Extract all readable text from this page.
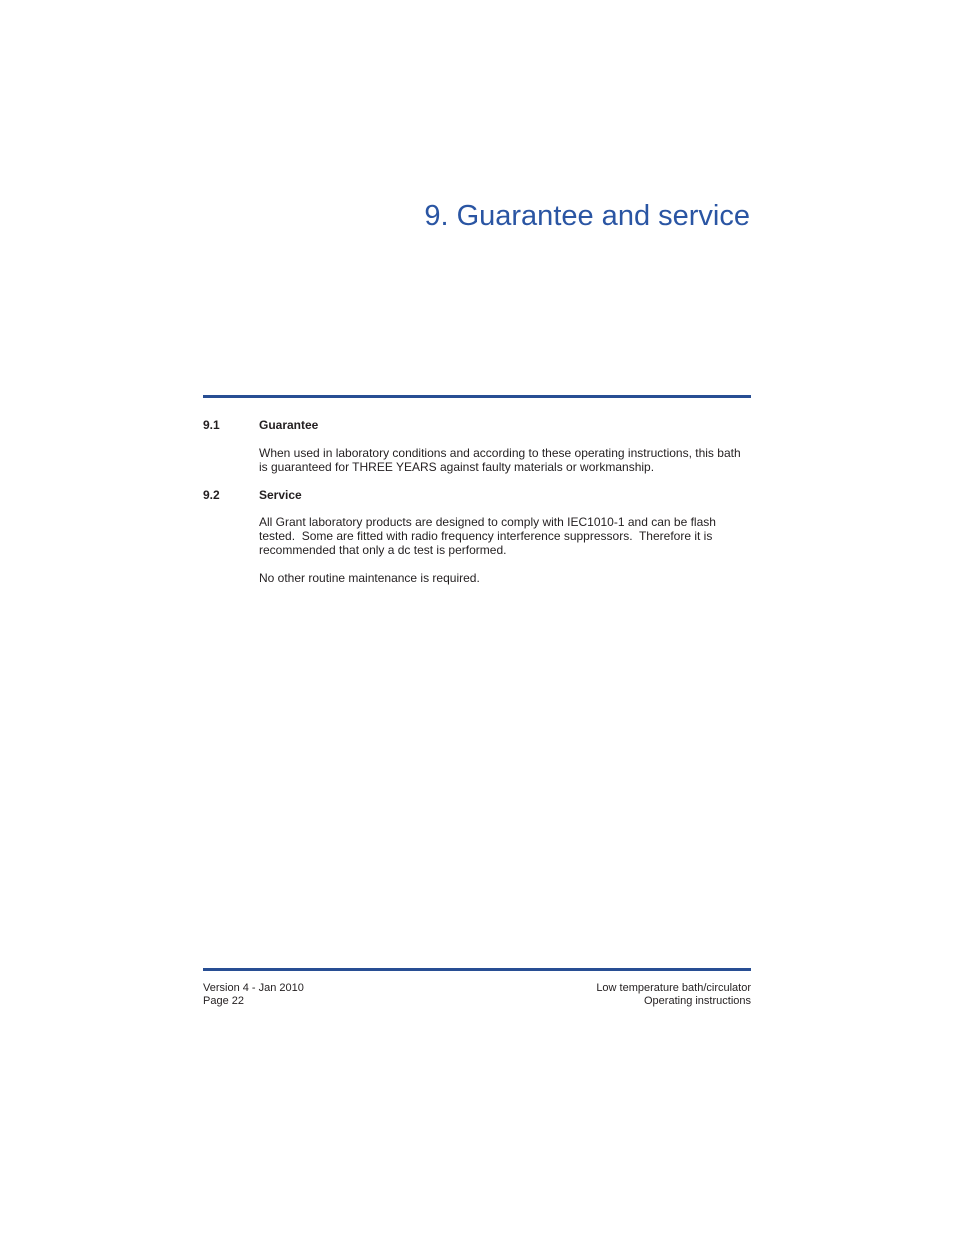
9. Guarantee and service
9.1	Guarantee

When used in laboratory conditions and according to these operating instructions, this bath is guaranteed for THREE YEARS against faulty materials or workmanship.

9.2	Service

All Grant laboratory products are designed to comply with IEC1010-1 and can be flash tested.  Some are fitted with radio frequency interference suppressors.  Therefore it is recommended that only a dc test is performed.

No other routine maintenance is required.

Version 4 - Jan 2010
Page 22
Low temperature bath/circulator
Operating instructions
